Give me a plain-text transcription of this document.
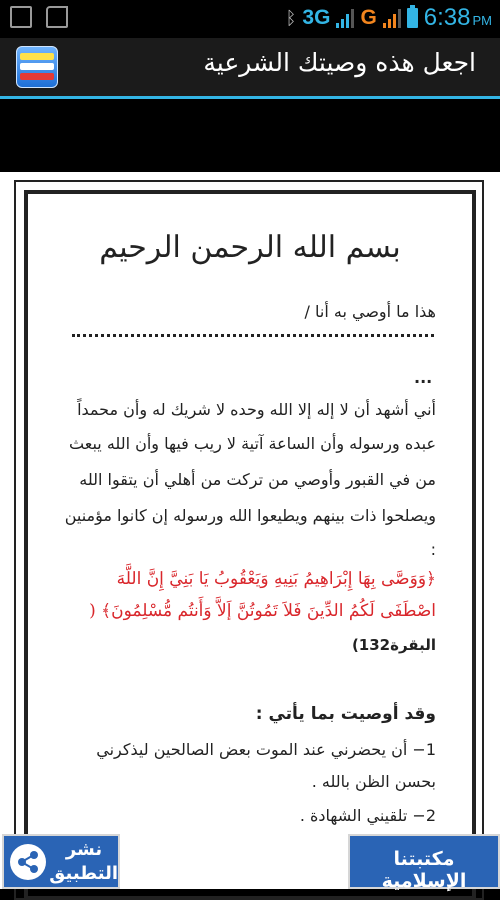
ᛒ 3G G 6:38 PM
اجعل هذه وصيتك الشرعية
بسم الله الرحمن الرحيم
هذا ما أوصي به أنا /
...
أني أشهد أن لا إله إلا الله وحده لا شريك له وأن محمداً
عبده ورسوله وأن الساعة آتية لا ريب فيها وأن الله يبعث
من في القبور وأوصي من تركت من أهلي أن يتقوا الله
ويصلحوا ذات بينهم ويطيعوا الله ورسوله إن كانوا مؤمنين
:
﴿وَوَصَّى بِهَا إِبْرَاهِيمُ بَنِيهِ وَيَعْقُوبُ يَا بَنِيَّ إِنَّ اللَّهَ
اصْطَفَى لَكُمُ الدِّينَ فَلاَ تَمُوتُنَّ إَلاَّ وَأَنتُم مُّسْلِمُونَ﴾ (
البقرة132)
وقد أوصيت بما يأتي :
1− أن يحضرني عند الموت بعض الصالحين ليذكرني
بحسن الظن بالله .
2− تلقيني الشهادة .
نشر
التطبيق
مكتبتنا الإسلامية
